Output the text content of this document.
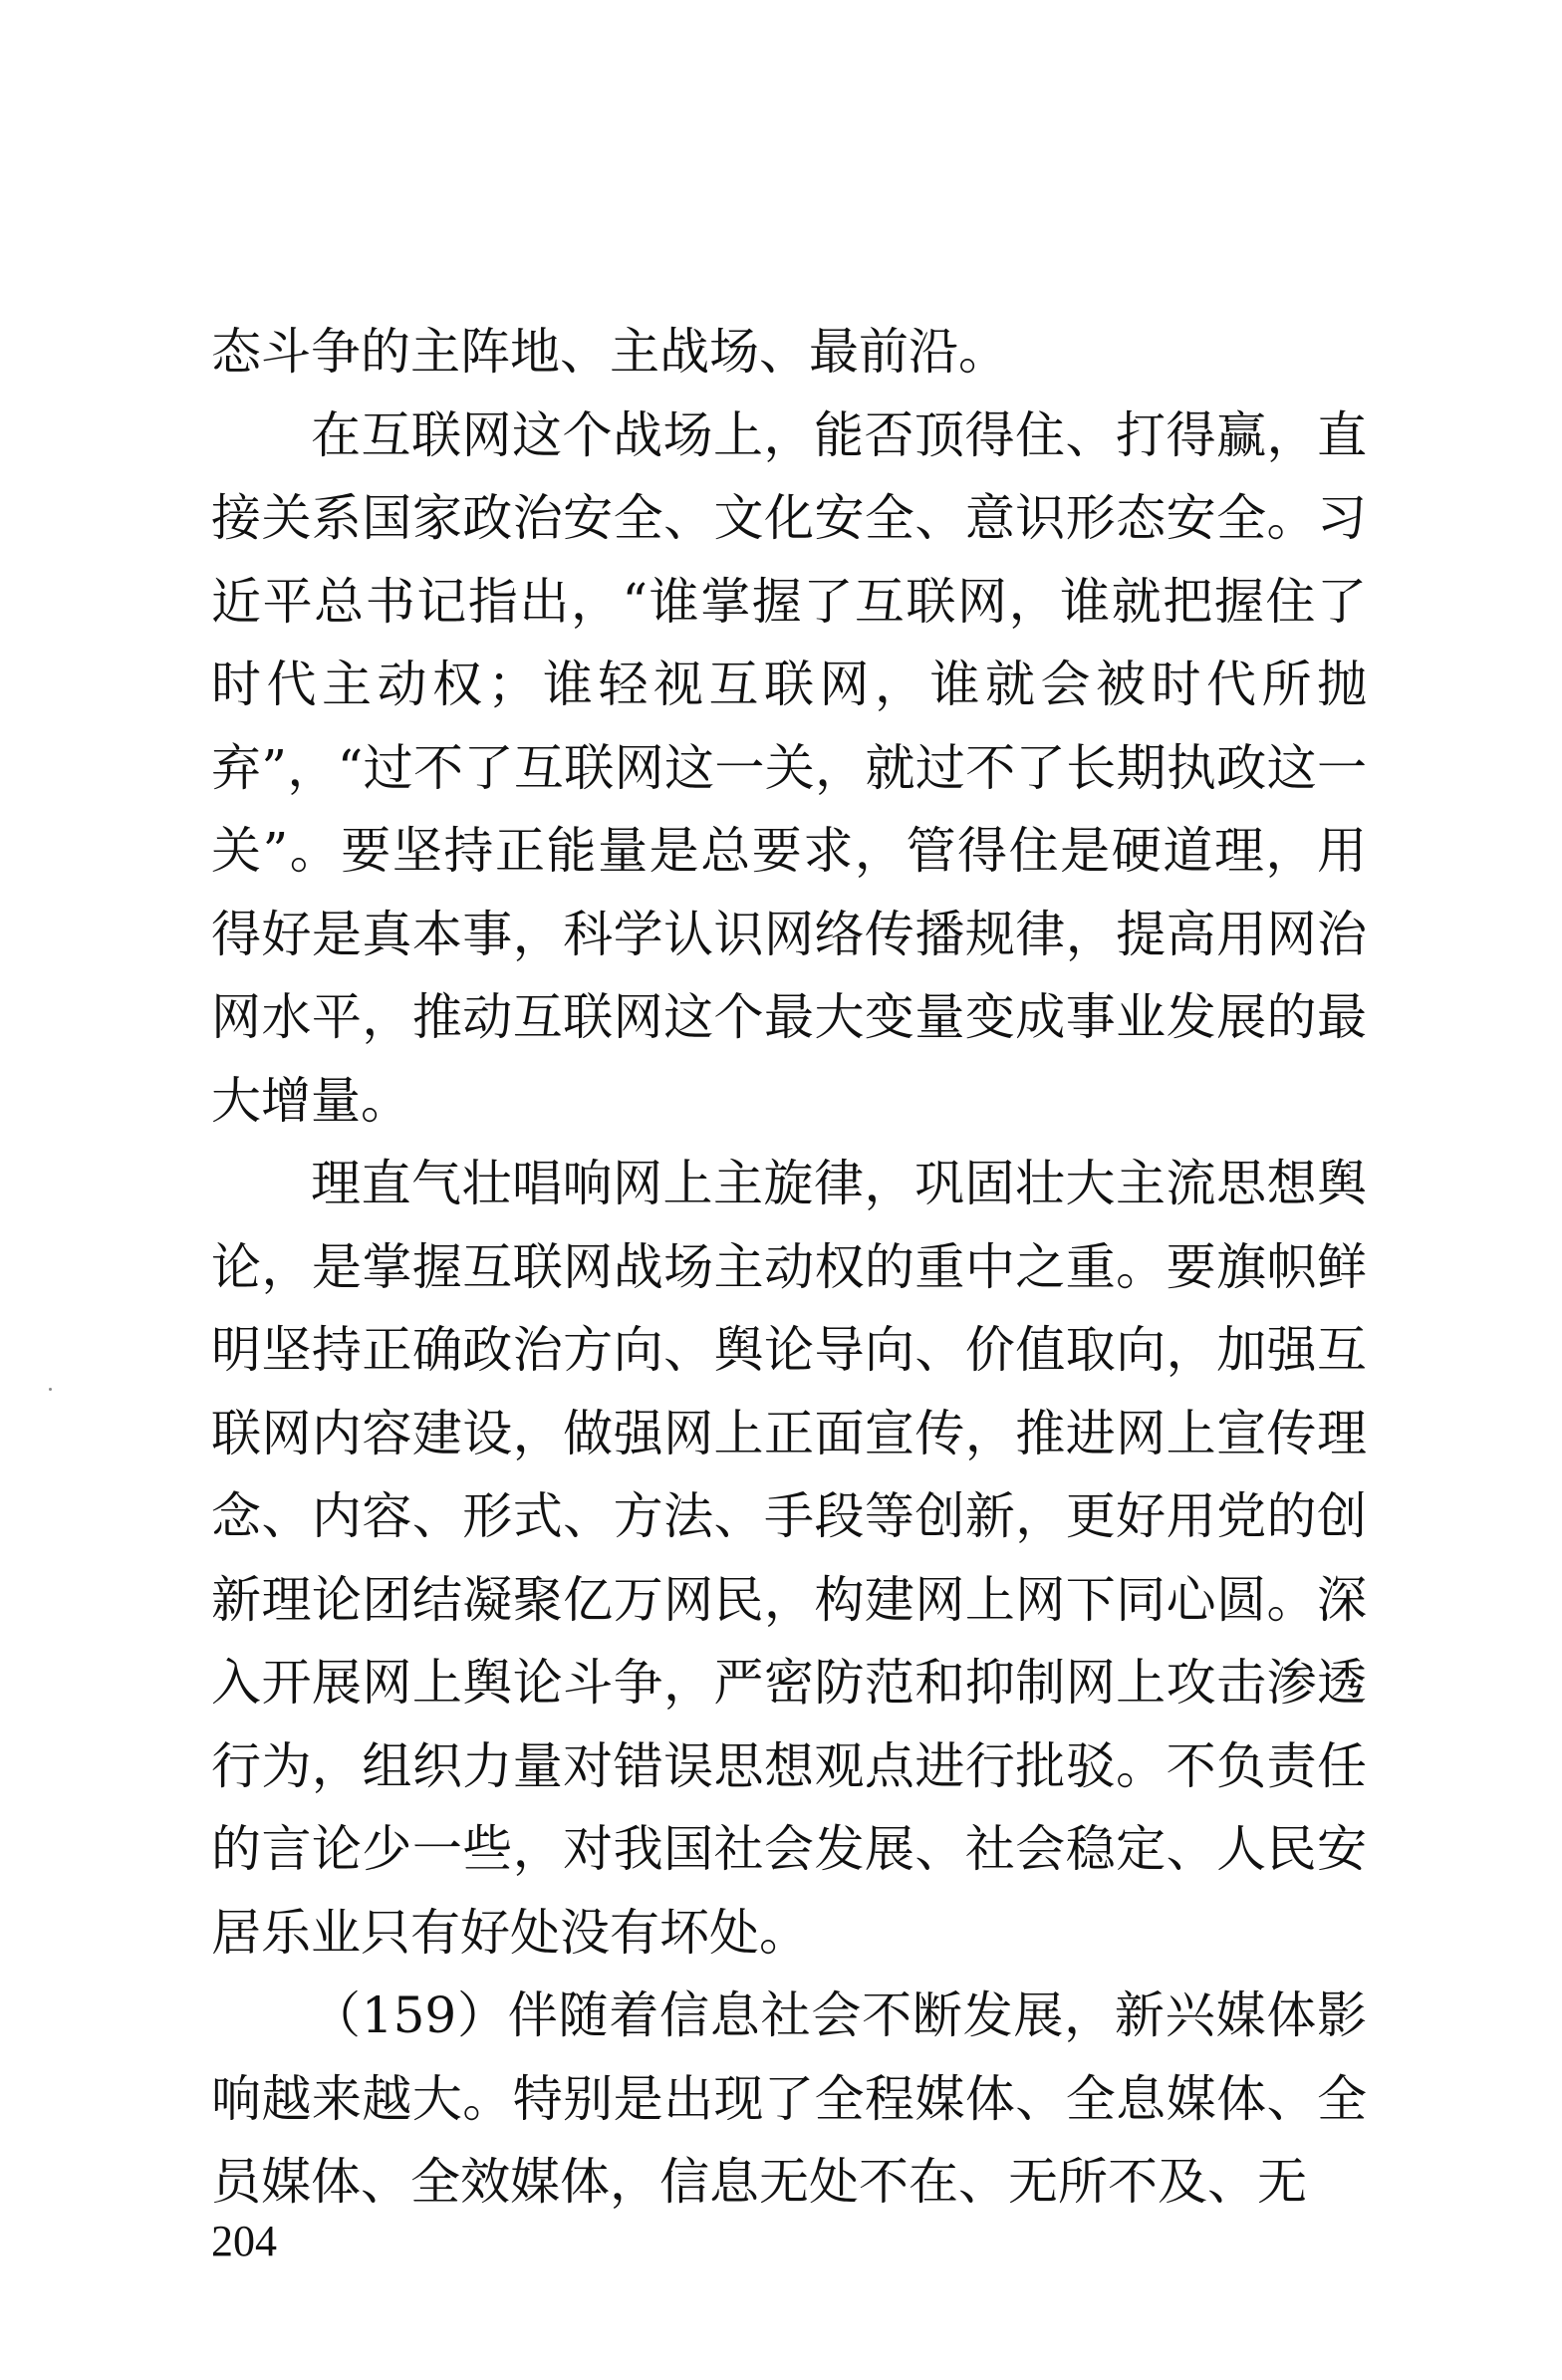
态斗争的主阵地、主战场、最前沿。

在互联网这个战场上，能否顶得住、打得赢，直接关系国家政治安全、文化安全、意识形态安全。习近平总书记指出，“谁掌握了互联网，谁就把握住了时代主动权；谁轻视互联网，谁就会被时代所抛弃”，“过不了互联网这一关，就过不了长期执政这一关”。要坚持正能量是总要求，管得住是硬道理，用得好是真本事，科学认识网络传播规律，提高用网治网水平，推动互联网这个最大变量变成事业发展的最大增量。

理直气壮唱响网上主旋律，巩固壮大主流思想舆论，是掌握互联网战场主动权的重中之重。要旗帜鲜明坚持正确政治方向、舆论导向、价值取向，加强互联网内容建设，做强网上正面宣传，推进网上宣传理念、内容、形式、方法、手段等创新，更好用党的创新理论团结凝聚亿万网民，构建网上网下同心圆。深入开展网上舆论斗争，严密防范和抑制网上攻击渗透行为，组织力量对错误思想观点进行批驳。不负责任的言论少一些，对我国社会发展、社会稳定、人民安居乐业只有好处没有坏处。

（159）伴随着信息社会不断发展，新兴媒体影响越来越大。特别是出现了全程媒体、全息媒体、全员媒体、全效媒体，信息无处不在、无所不及、无

204
